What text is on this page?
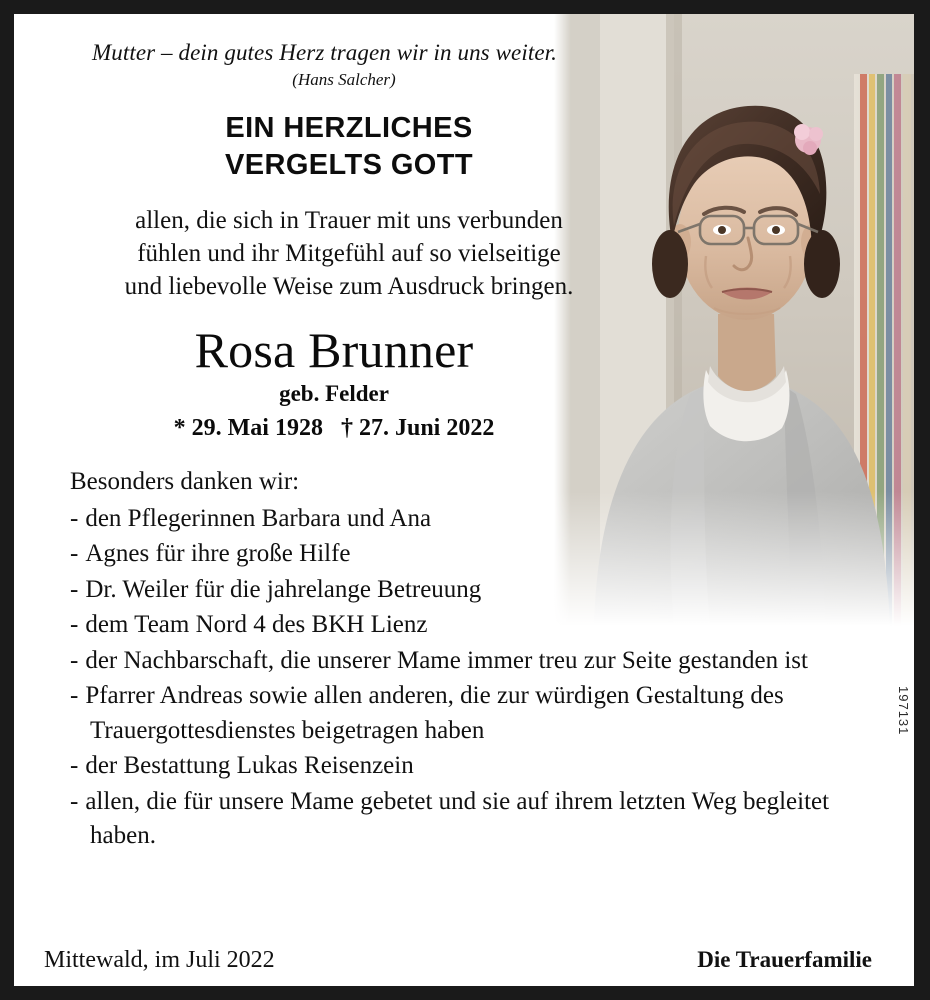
Mutter – dein gutes Herz tragen wir in uns weiter.
(Hans Salcher)
EIN HERZLICHES
VERGELTS GOTT
allen, die sich in Trauer mit uns verbunden
fühlen und ihr Mitgefühl auf so vielseitige
und liebevolle Weise zum Ausdruck bringen.
Rosa Brunner
geb. Felder
* 29. Mai 1928 † 27. Juni 2022
Besonders danken wir:
- den Pflegerinnen Barbara und Ana
- Agnes für ihre große Hilfe
- Dr. Weiler für die jahrelange Betreuung
- dem Team Nord 4 des BKH Lienz
- der Nachbarschaft, die unserer Mame immer treu zur Seite gestanden ist
- Pfarrer Andreas sowie allen anderen, die zur würdigen Gestaltung des Trauergottesdienstes beigetragen haben
- der Bestattung Lukas Reisenzein
- allen, die für unsere Mame gebetet und sie auf ihrem letzten Weg begleitet haben.
Mittewald, im Juli 2022	Die Trauerfamilie
197131
